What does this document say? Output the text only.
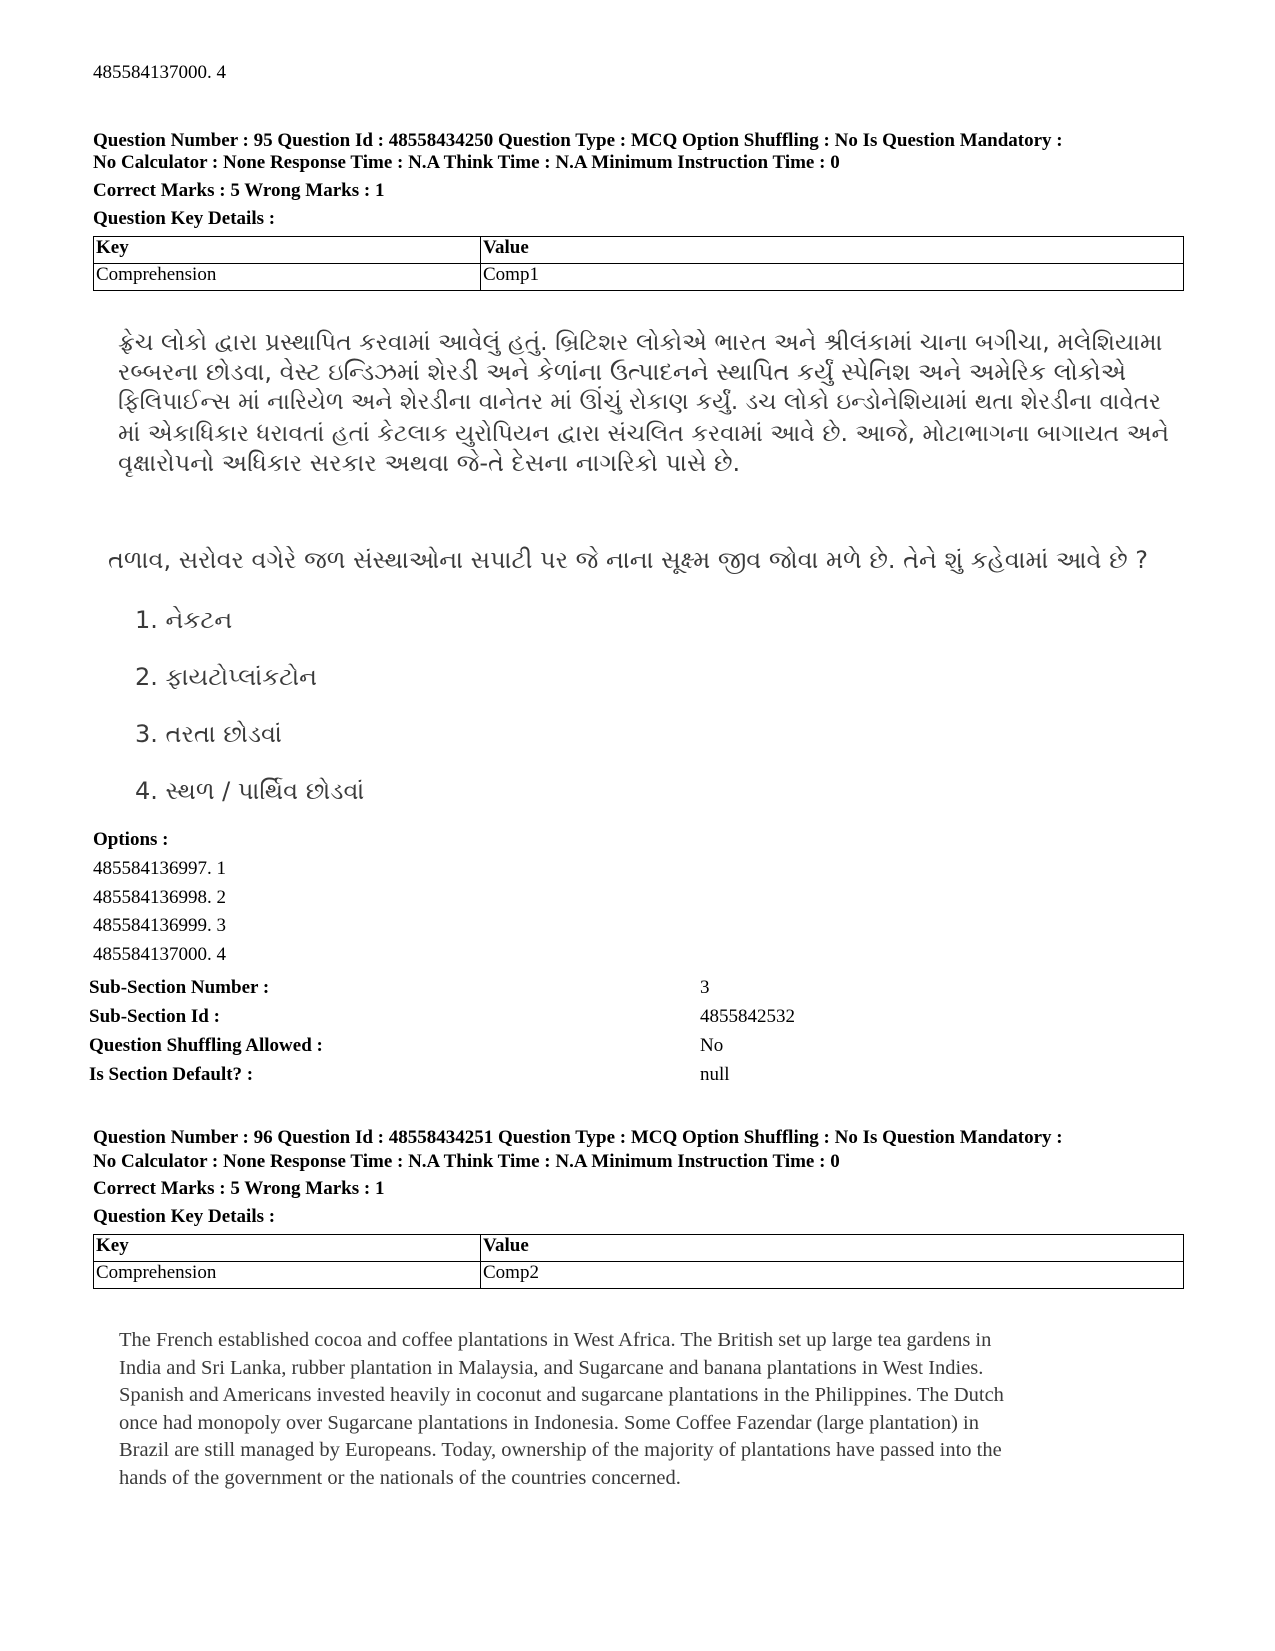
485584137000. 4
Question Number : 95 Question Id : 48558434250 Question Type : MCQ Option Shuffling : No Is Question Mandatory :
No Calculator : None Response Time : N.A Think Time : N.A Minimum Instruction Time : 0
Correct Marks : 5 Wrong Marks : 1
Question Key Details :
Key	Value
Comprehension	Comp1
ફ્રેચ લોકો દ્વારા પ્રસ્થાપિત કરવામાં આવેલું હતું. બ્રિટિશર લોકોએ ભારત અને શ્રીલંકામાં ચાના બગીચા, મલેશિયામા
રબ્બરના છોડવા, વેસ્ટ ઇન્ડિઝમાં શેરડી અને કેળાંના ઉત્પાદનને સ્થાપિત કર્યું સ્પેનિશ અને અમેરિક લોકોએ
ફિલિપાઈન્સ માં નારિયેળ અને શેરડીના વાનેતર માં ઊંચું રોકાણ કર્યું. ડચ લોકો ઇન્ડોનેશિયામાં થતા શેરડીના વાવેતર
માં એકાધિકાર ધરાવતાં હતાં કેટલાક યુરોપિયન દ્વારા સંચલિત કરવામાં આવે છે. આજે, મોટાભાગના બાગાયત અને
વૃક્ષારોપનો અધિકાર સરકાર અથવા જે-તે દેસના નાગરિકો પાસે છે.
તળાવ, સરોવર વગેરે જળ સંસ્થાઓના સપાટી પર જે નાના સૂક્ષ્મ જીવ જોવા મળે છે. તેને શું કહેવામાં આવે છે ?
1. નેકટન
2. ફાયટોપ્લાંકટોન
3. તરતા છોડવાં
4. સ્થળ / પાર્થિવ છોડવાં
Options :
485584136997. 1
485584136998. 2
485584136999. 3
485584137000. 4
Sub-Section Number :	3
Sub-Section Id :	4855842532
Question Shuffling Allowed :	No
Is Section Default? :	null
Question Number : 96 Question Id : 48558434251 Question Type : MCQ Option Shuffling : No Is Question Mandatory :
No Calculator : None Response Time : N.A Think Time : N.A Minimum Instruction Time : 0
Correct Marks : 5 Wrong Marks : 1
Question Key Details :
Key	Value
Comprehension	Comp2
The French established cocoa and coffee plantations in West Africa. The British set up large tea gardens in
India and Sri Lanka, rubber plantation in Malaysia, and Sugarcane and banana plantations in West Indies.
Spanish and Americans invested heavily in coconut and sugarcane plantations in the Philippines. The Dutch
once had monopoly over Sugarcane plantations in Indonesia. Some Coffee Fazendar (large plantation) in
Brazil are still managed by Europeans. Today, ownership of the majority of plantations have passed into the
hands of the government or the nationals of the countries concerned.
